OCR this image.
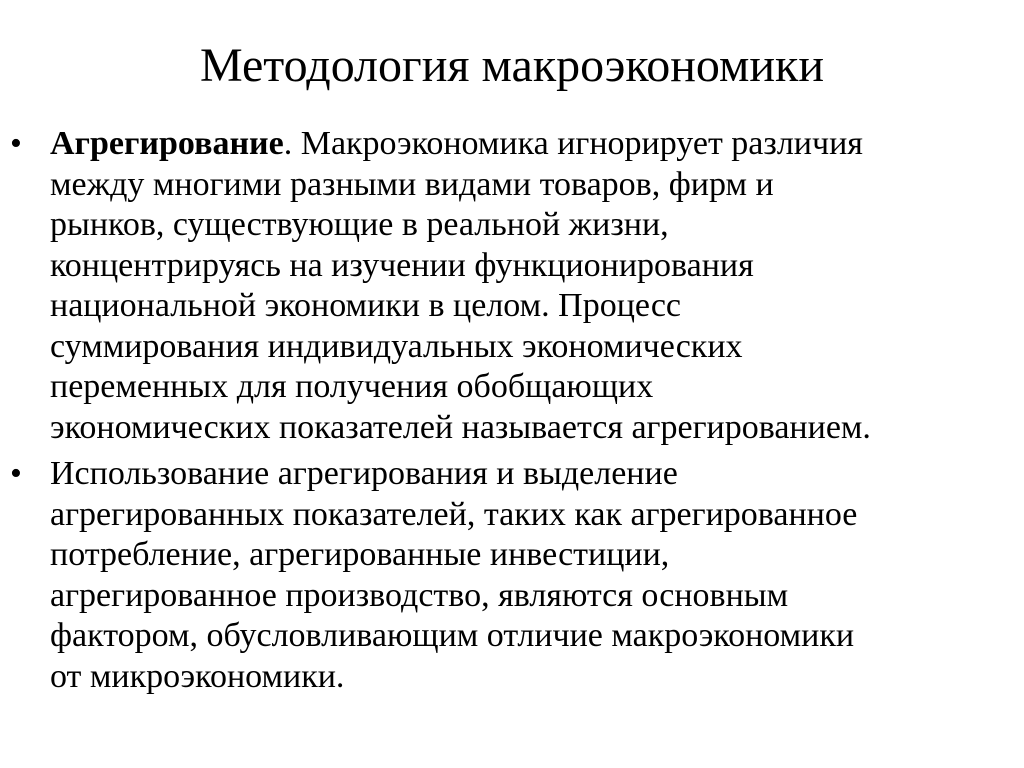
Методология макроэкономики
• Агрегирование. Макроэкономика игнорирует различия
между многими разными видами товаров, фирм и
рынков, существующие в реальной жизни,
концентрируясь на изучении функционирования
национальной экономики в целом. Процесс
суммирования индивидуальных экономических
переменных для получения обобщающих
экономических показателей называется агрегированием.
• Использование агрегирования и выделение
агрегированных показателей, таких как агрегированное
потребление, агрегированные инвестиции,
агрегированное производство, являются основным
фактором, обусловливающим отличие макроэкономики
от микроэкономики.
